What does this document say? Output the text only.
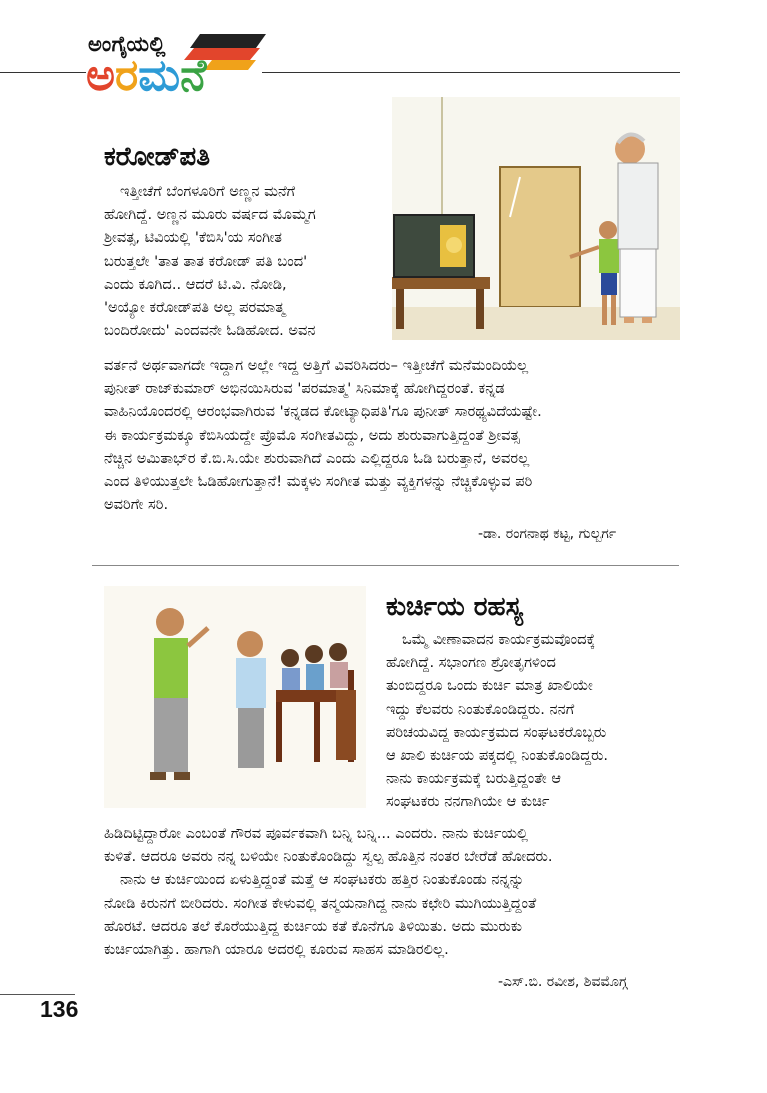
ಅಂಗೈಯಲ್ಲಿ
ಅರಮನೆ
ಕರೋಡ್‌ಪತಿ
ಇತ್ತೀಚೆಗೆ ಬೆಂಗಳೂರಿಗೆ ಅಣ್ಣನ ಮನೆಗೆ
ಹೋಗಿದ್ದೆ. ಅಣ್ಣನ ಮೂರು ವರ್ಷದ ಮೊಮ್ಮಗ
ಶ್ರೀವತ್ಸ, ಟಿವಿಯಲ್ಲಿ 'ಕೆಬಿಸಿ'ಯ ಸಂಗೀತ
ಬರುತ್ತಲೇ 'ತಾತ ತಾತ ಕರೋಡ್ ಪತಿ ಬಂದ'
ಎಂದು ಕೂಗಿದ.. ಆದರೆ ಟಿ.ವಿ. ನೋಡಿ,
'ಅಯ್ಯೋ ಕರೋಡ್‌ಪತಿ ಅಲ್ಲ ಪರಮಾತ್ಮ
ಬಂದಿರೋದು' ಎಂದವನೇ ಓಡಿಹೋದ. ಅವನ
ವರ್ತನೆ ಅರ್ಥವಾಗದೇ ಇದ್ದಾಗ ಅಲ್ಲೇ ಇದ್ದ ಅತ್ತಿಗೆ ವಿವರಿಸಿದರು– ಇತ್ತೀಚೆಗೆ ಮನೆಮಂದಿಯೆಲ್ಲ
ಪುನೀತ್ ರಾಜ್‌ಕುಮಾರ್ ಅಭಿನಯಿಸಿರುವ 'ಪರಮಾತ್ಮ' ಸಿನಿಮಾಕ್ಕೆ ಹೋಗಿದ್ದರಂತೆ. ಕನ್ನಡ
ವಾಹಿನಿಯೊಂದರಲ್ಲಿ ಆರಂಭವಾಗಿರುವ 'ಕನ್ನಡದ ಕೋಟ್ಯಾಧಿಪತಿ'ಗೂ ಪುನೀತ್ ಸಾರಥ್ಯವಿದೆಯಷ್ಟೇ.
ಈ ಕಾರ್ಯಕ್ರಮಕ್ಕೂ ಕೆಬಿಸಿಯದ್ದೇ ಪ್ರೊಮೊ ಸಂಗೀತವಿದ್ದು, ಅದು ಶುರುವಾಗುತ್ತಿದ್ದಂತೆ ಶ್ರೀವತ್ಸ
ನೆಚ್ಚಿನ ಅಮಿತಾಭ್‌ರ ಕೆ.ಬಿ.ಸಿ.ಯೇ ಶುರುವಾಗಿದೆ ಎಂದು ಎಲ್ಲಿದ್ದರೂ ಓಡಿ ಬರುತ್ತಾನೆ, ಅವರಲ್ಲ
ಎಂದ ತಿಳಿಯುತ್ತಲೇ ಓಡಿಹೋಗುತ್ತಾನೆ! ಮಕ್ಕಳು ಸಂಗೀತ ಮತ್ತು ವ್ಯಕ್ತಿಗಳನ್ನು ನೆಚ್ಚಿಕೊಳ್ಳುವ ಪರಿ
ಅವರಿಗೇ ಸರಿ.
-ಡಾ. ರಂಗನಾಥ ಕಟ್ಟ, ಗುಲ್ಬರ್ಗ
ಕುರ್ಚಿಯ ರಹಸ್ಯ
ಒಮ್ಮೆ ವೀಣಾವಾದನ ಕಾರ್ಯಕ್ರಮವೊಂದಕ್ಕೆ
ಹೋಗಿದ್ದೆ. ಸಭಾಂಗಣ ಶ್ರೋತೃಗಳಿಂದ
ತುಂಬಿದ್ದರೂ ಒಂದು ಕುರ್ಚಿ ಮಾತ್ರ ಖಾಲಿಯೇ
ಇದ್ದು ಕೆಲವರು ನಿಂತುಕೊಂಡಿದ್ದರು. ನನಗೆ
ಪರಿಚಯವಿದ್ದ ಕಾರ್ಯಕ್ರಮದ ಸಂಘಟಕರೊಬ್ಬರು
ಆ ಖಾಲಿ ಕುರ್ಚಿಯ ಪಕ್ಕದಲ್ಲಿ ನಿಂತುಕೊಂಡಿದ್ದರು.
ನಾನು ಕಾರ್ಯಕ್ರಮಕ್ಕೆ ಬರುತ್ತಿದ್ದಂತೇ ಆ
ಸಂಘಟಕರು ನನಗಾಗಿಯೇ ಆ ಕುರ್ಚಿ
ಹಿಡಿದಿಟ್ಟಿದ್ದಾರೋ ಎಂಬಂತೆ ಗೌರವ ಪೂರ್ವಕವಾಗಿ ಬನ್ನಿ ಬನ್ನಿ... ಎಂದರು. ನಾನು ಕುರ್ಚಿಯಲ್ಲಿ
ಕುಳಿತೆ. ಆದರೂ ಅವರು ನನ್ನ ಬಳಿಯೇ ನಿಂತುಕೊಂಡಿದ್ದು ಸ್ವಲ್ಪ ಹೊತ್ತಿನ ನಂತರ ಬೇರೆಡೆ ಹೋದರು.
ನಾನು ಆ ಕುರ್ಚಿಯಿಂದ ಏಳುತ್ತಿದ್ದಂತೆ ಮತ್ತೆ ಆ ಸಂಘಟಕರು ಹತ್ತಿರ ನಿಂತುಕೊಂಡು ನನ್ನನ್ನು
ನೋಡಿ ಕಿರುನಗೆ ಬೀರಿದರು. ಸಂಗೀತ ಕೇಳುವಲ್ಲಿ ತನ್ಮಯನಾಗಿದ್ದ ನಾನು ಕಛೇರಿ ಮುಗಿಯುತ್ತಿದ್ದಂತೆ
ಹೊರಟೆ. ಆದರೂ ತಲೆ ಕೊರೆಯುತ್ತಿದ್ದ ಕುರ್ಚಿಯ ಕತೆ ಕೊನೆಗೂ ತಿಳಿಯಿತು. ಅದು ಮುರುಕು
ಕುರ್ಚಿಯಾಗಿತ್ತು. ಹಾಗಾಗಿ ಯಾರೂ ಅದರಲ್ಲಿ ಕೂರುವ ಸಾಹಸ ಮಾಡಿರಲಿಲ್ಲ.
-ಎಸ್.ಬಿ. ರವೀಶ, ಶಿವಮೊಗ್ಗ
136
